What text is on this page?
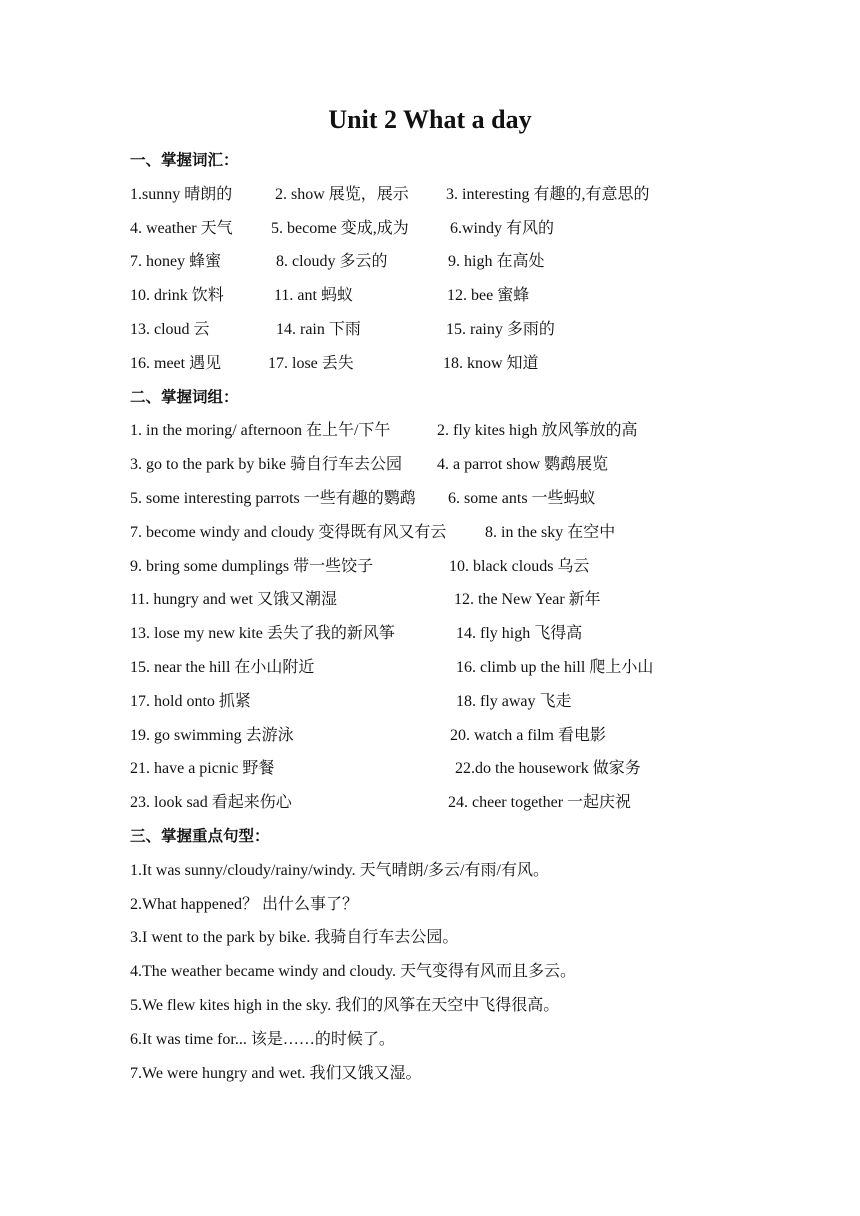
Unit 2 What a day
一、掌握词汇：
1.sunny 晴朗的	2. show 展览，展示 3. interesting 有趣的,有意思的
4. weather 天气 5. become 变成,成为	6.windy 有风的
7. honey 蜂蜜	8. cloudy 多云的	9. high 在高处
10. drink 饮料	11. ant 蚂蚁	12. bee 蜜蜂
13. cloud 云	14. rain 下雨	15. rainy 多雨的
16. meet 遇见	17. lose 丢失	18. know 知道
二、掌握词组：
1. in the moring/ afternoon 在上午/下午	2. fly kites high 放风筝放的高
3. go to the park by bike 骑自行车去公园 4. a parrot show 鹦鹉展览
5. some interesting parrots 一些有趣的鹦鹉 6. some ants 一些蚂蚁
7. become windy and cloudy 变得既有风又有云 8. in the sky 在空中
9. bring some dumplings 带一些饺子	10. black clouds 乌云
11. hungry and wet 又饿又潮湿	12. the New Year 新年
13. lose my new kite 丢失了我的新风筝	14. fly high 飞得高
15. near the hill 在小山附近	16. climb up the hill 爬上小山
17. hold onto 抓紧	18. fly away 飞走
19. go swimming 去游泳	20. watch a film 看电影
21. have a picnic 野餐	22.do the housework 做家务
23. look sad 看起来伤心	24. cheer together 一起庆祝
三、掌握重点句型：
1.It was sunny/cloudy/rainy/windy. 天气晴朗/多云/有雨/有风。
2.What happened？ 出什么事了？
3.I went to the park by bike. 我骑自行车去公园。
4.The weather became windy and cloudy. 天气变得有风而且多云。
5.We flew kites high in the sky. 我们的风筝在天空中飞得很高。
6.It was time for... 该是……的时候了。
7.We were hungry and wet. 我们又饿又湿。
